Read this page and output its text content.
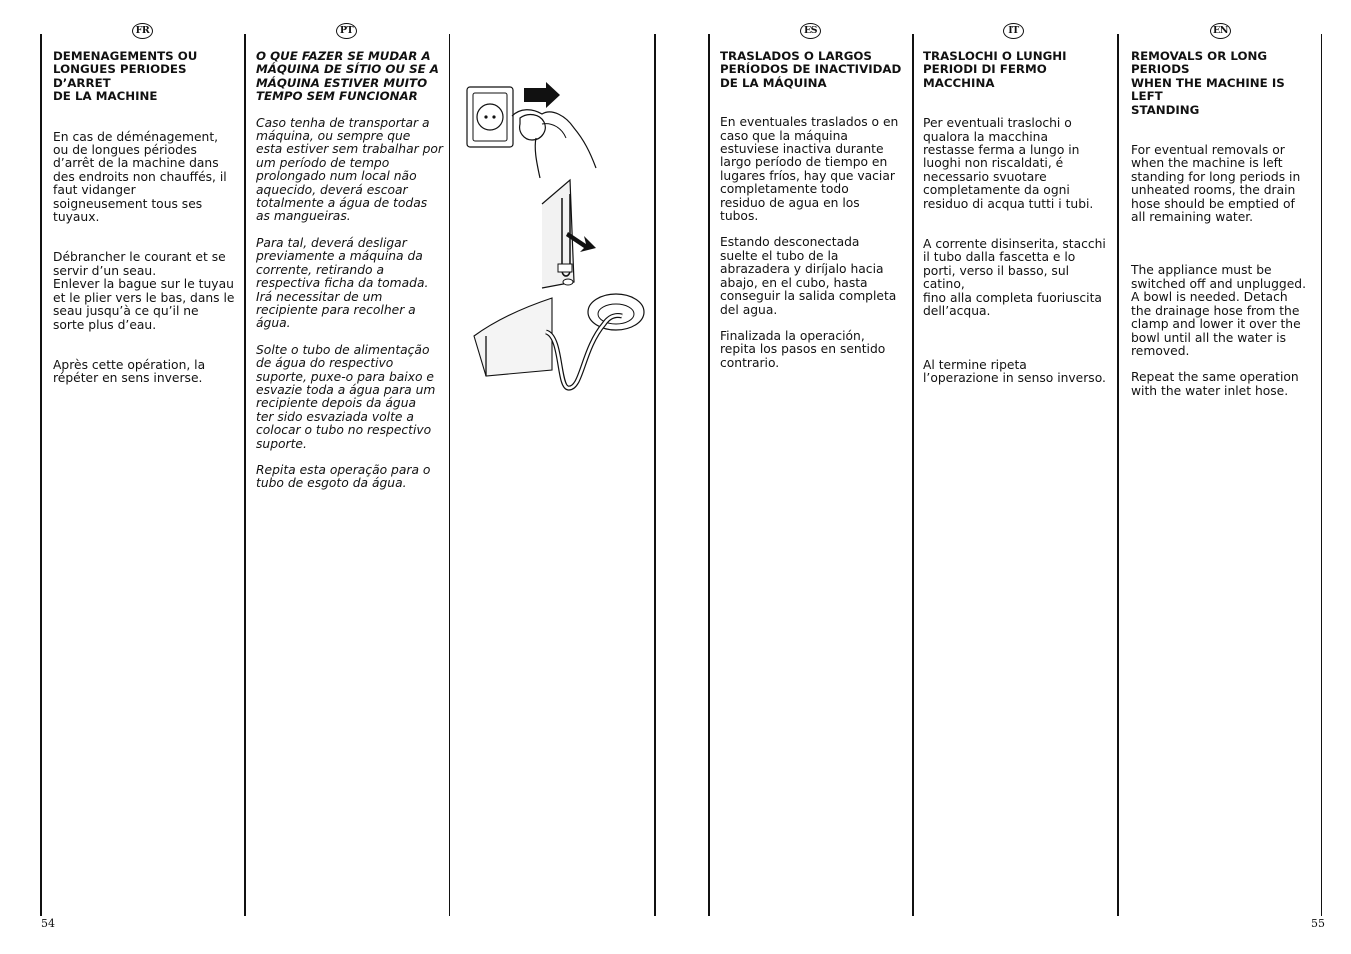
FR	PT	ES	IT	EN

DEMENAGEMENTS OU
LONGUES PERIODES D’ARRET
DE LA MACHINE

En cas de déménagement,
ou de longues périodes
d’arrêt de la machine dans
des endroits non chauffés, il
faut vidanger
soigneusement tous ses
tuyaux.

Débrancher le courant et se
servir d’un seau.
Enlever la bague sur le tuyau
et le plier vers le bas, dans le
seau jusqu’à ce qu’il ne
sorte plus d’eau.

Après cette opération, la
répéter en sens inverse.

O QUE FAZER SE MUDAR A
MÁQUINA DE SÍTIO OU SE A
MÁQUINA ESTIVER MUITO
TEMPO SEM FUNCIONAR

Caso tenha de transportar a
máquina, ou sempre que
esta estiver sem trabalhar por
um período de tempo
prolongado num local não
aquecido, deverá escoar
totalmente a água de todas
as mangueiras.

Para tal, deverá desligar
previamente a máquina da
corrente, retirando a
respectiva ficha da tomada.
Irá necessitar de um
recipiente para recolher a
água.

Solte o tubo de alimentação
de água do respectivo
suporte, puxe-o para baixo e
esvazie toda a água para um
recipiente depois da água
ter sido esvaziada volte a
colocar o tubo no respectivo
suporte.

Repita esta operação para o
tubo de esgoto da água.

TRASLADOS O LARGOS
PERÍODOS DE INACTIVIDAD
DE LA MÁQUINA

En eventuales traslados o en
caso que la máquina
estuviese inactiva durante
largo período de tiempo en
lugares fríos, hay que vaciar
completamente todo
residuo de agua en los
tubos.

Estando desconectada
suelte el tubo de la
abrazadera y diríjalo hacia
abajo, en el cubo, hasta
conseguir la salida completa
del agua.

Finalizada la operación,
repita los pasos en sentido
contrario.

TRASLOCHI O LUNGHI
PERIODI DI FERMO
MACCHINA

Per eventuali traslochi o
qualora la macchina
restasse ferma a lungo in
luoghi non riscaldati, é
necessario svuotare
completamente da ogni
residuo di acqua tutti i tubi.

A corrente disinserita, stacchi
il tubo dalla fascetta e lo
porti, verso il basso, sul catino,
fino alla completa fuoriuscita
dell’acqua.

Al termine ripeta
l’operazione in senso inverso.

REMOVALS OR LONG PERIODS
WHEN THE MACHINE IS LEFT
STANDING

For eventual removals or
when the machine is left
standing for long periods in
unheated rooms, the drain
hose should be emptied of
all remaining water.

The appliance must be
switched off and unplugged.
A bowl is needed. Detach
the drainage hose from the
clamp and lower it over the
bowl until all the water is
removed.

Repeat the same operation
with the water inlet hose.

54	55
